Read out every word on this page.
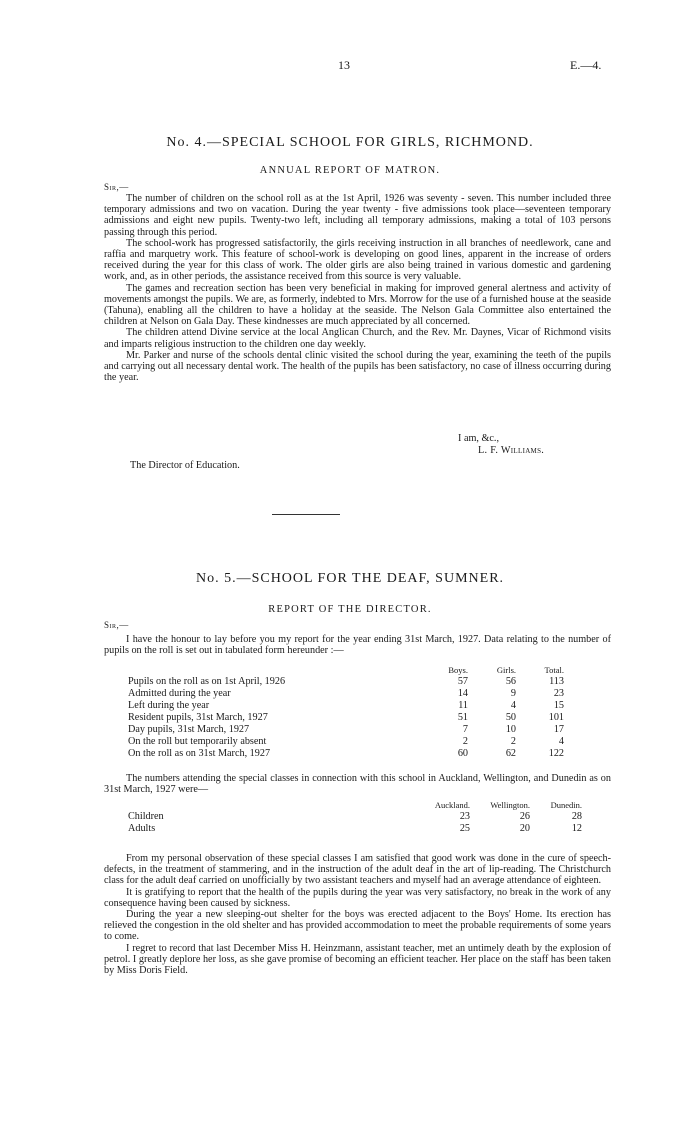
13	E.—4.
No. 4.—SPECIAL SCHOOL FOR GIRLS, RICHMOND.
ANNUAL REPORT OF MATRON.
Sir,—

The number of children on the school roll as at the 1st April, 1926 was seventy - seven. This number included three temporary admissions and two on vacation. During the year twenty - five admissions took place—seventeen temporary admissions and eight new pupils. Twenty-two left, including all temporary admissions, making a total of 103 persons passing through this period.

The school-work has progressed satisfactorily, the girls receiving instruction in all branches of needlework, cane and raffia and marquetry work. This feature of school-work is developing on good lines, apparent in the increase of orders received during the year for this class of work. The older girls are also being trained in various domestic and gardening work, and, as in other periods, the assistance received from this source is very valuable.

The games and recreation section has been very beneficial in making for improved general alertness and activity of movements amongst the pupils. We are, as formerly, indebted to Mrs. Morrow for the use of a furnished house at the seaside (Tahuna), enabling all the children to have a holiday at the seaside. The Nelson Gala Committee also entertained the children at Nelson on Gala Day. These kindnesses are much appreciated by all concerned.

The children attend Divine service at the local Anglican Church, and the Rev. Mr. Daynes, Vicar of Richmond visits and imparts religious instruction to the children one day weekly.

Mr. Parker and nurse of the schools dental clinic visited the school during the year, examining the teeth of the pupils and carrying out all necessary dental work. The health of the pupils has been satisfactory, no case of illness occurring during the year.

I am, &c.,
L. F. Williams.
The Director of Education.
No. 5.—SCHOOL FOR THE DEAF, SUMNER.
REPORT OF THE DIRECTOR.
Sir,—

I have the honour to lay before you my report for the year ending 31st March, 1927. Data relating to the number of pupils on the roll is set out in tabulated form hereunder :—

	Boys.	Girls.	Total.
Pupils on the roll as on 1st April, 1926	57	56	113
Admitted during the year	14	9	23
Left during the year	11	4	15
Resident pupils, 31st March, 1927	51	50	101
Day pupils, 31st March, 1927	7	10	17
On the roll but temporarily absent	2	2	4
On the roll as on 31st March, 1927	60	62	122

The numbers attending the special classes in connection with this school in Auckland, Wellington, and Dunedin as on 31st March, 1927 were—

	Auckland.	Wellington.	Dunedin.
Children	23	26	28
Adults	25	20	12

From my personal observation of these special classes I am satisfied that good work was done in the cure of speech-defects, in the treatment of stammering, and in the instruction of the adult deaf in the art of lip-reading. The Christchurch class for the adult deaf carried on unofficially by two assistant teachers and myself had an average attendance of eighteen.

It is gratifying to report that the health of the pupils during the year was very satisfactory, no break in the work of any consequence having been caused by sickness.

During the year a new sleeping-out shelter for the boys was erected adjacent to the Boys' Home. Its erection has relieved the congestion in the old shelter and has provided accommodation to meet the probable requirements of some years to come.

I regret to record that last December Miss H. Heinzmann, assistant teacher, met an untimely death by the explosion of petrol. I greatly deplore her loss, as she gave promise of becoming an efficient teacher. Her place on the staff has been taken by Miss Doris Field.
